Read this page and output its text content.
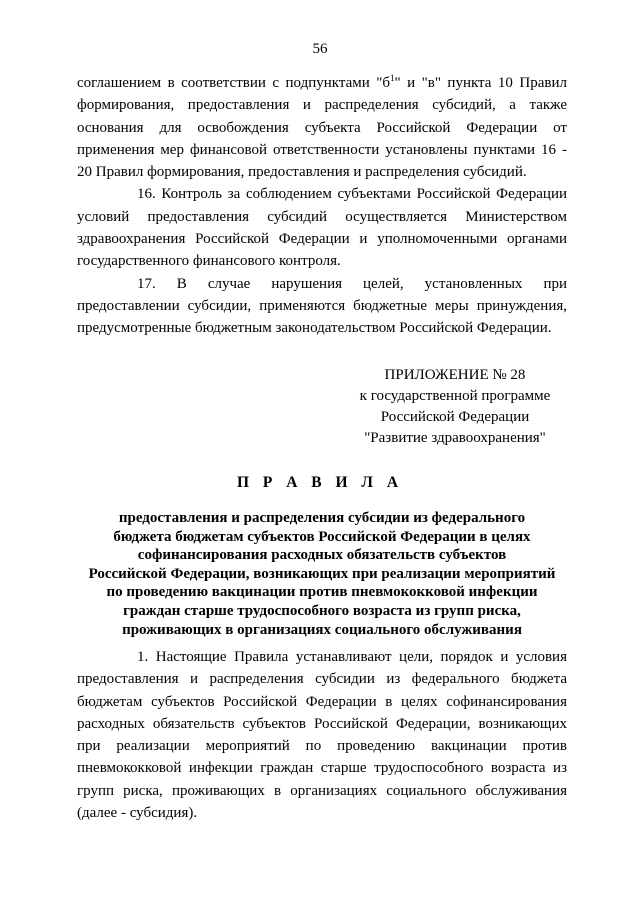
56

соглашением в соответствии с подпунктами "$б^1$" и "в" пункта 10 Правил формирования, предоставления и распределения субсидий, а также основания для освобождения субъекта Российской Федерации от применения мер финансовой ответственности установлены пунктами 16 - 20 Правил формирования, предоставления и распределения субсидий.

16. Контроль за соблюдением субъектами Российской Федерации условий предоставления субсидий осуществляется Министерством здравоохранения Российской Федерации и уполномоченными органами государственного финансового контроля.

17. В случае нарушения целей, установленных при предоставлении субсидии, применяются бюджетные меры принуждения, предусмотренные бюджетным законодательством Российской Федерации.

ПРИЛОЖЕНИЕ № 28
к государственной программе
Российской Федерации
"Развитие здравоохранения"
П Р А В И Л А
предоставления и распределения субсидии из федерального
бюджета бюджетам субъектов Российской Федерации в целях
софинансирования расходных обязательств субъектов
Российской Федерации, возникающих при реализации мероприятий
по проведению вакцинации против пневмококковой инфекции
граждан старше трудоспособного возраста из групп риска,
проживающих в организациях социального обслуживания

1. Настоящие Правила устанавливают цели, порядок и условия предоставления и распределения субсидии из федерального бюджета бюджетам субъектов Российской Федерации в целях софинансирования расходных обязательств субъектов Российской Федерации, возникающих при реализации мероприятий по проведению вакцинации против пневмококковой инфекции граждан старше трудоспособного возраста из групп риска, проживающих в организациях социального обслуживания (далее - субсидия).
